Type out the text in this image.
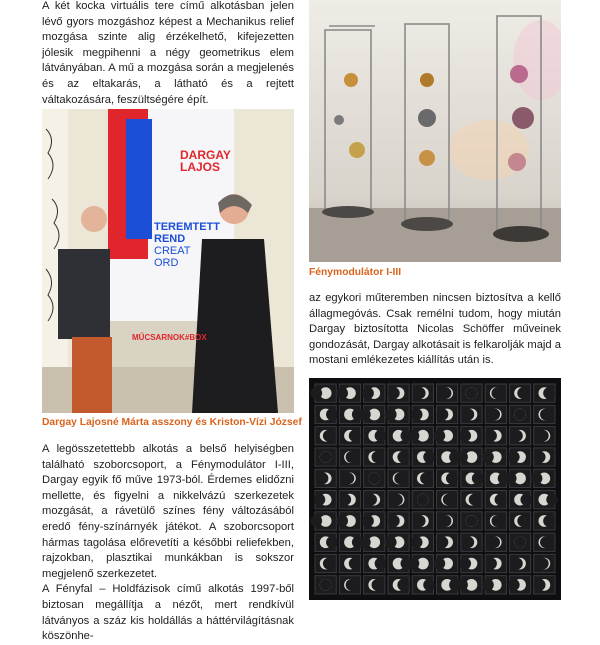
A két kocka virtuális tere című alkotásban jelen lévő gyors mozgáshoz képest a Mechanikus relief mozgása szinte alig érzékelhető, kifejezetten jólesik megpihenni a négy geometrikus elem látványában. A mű a mozgása során a megjelenés és az eltakarás, a látható és a rejtett váltakozására, feszültségére épít.

DARGAY
LAJOS
TEREMTETT
REND
CREAT
ORD
MŰCSARNOK#BOX
Dargay Lajosné Márta asszony és Kriston-Vízi József
Fénymodulátor I-III

az egykori műteremben nincsen biztosítva a kellő állagmegóvás. Csak remélni tudom, hogy miután Dargay biztosította Nicolas Schöffer műveinek gondozását, Dargay alkotásait is felkarolják majd a mostani emlékezetes kiállítás után is.

A legösszetettebb alkotás a belső helyiségben található szoborcsoport, a Fénymodulátor I-III, Dargay egyik fő műve 1973-ból. Érdemes elidőzni mellette, és figyelni a nikkelvázú szerkezetek mozgását, a rávetülő színes fény változásából eredő fény-színárnyék játékot. A szoborcsoport hármas tagolása előrevetíti a későbbi reliefekben, rajzokban, plasztikai munkákban is sokszor megjelenő szerkezetet.

A Fényfal – Holdfázisok című alkotás 1997-ből biztosan megállítja a nézőt, mert rendkívül látványos a száz kis holdállás a háttérvilágításnak köszönhe-
